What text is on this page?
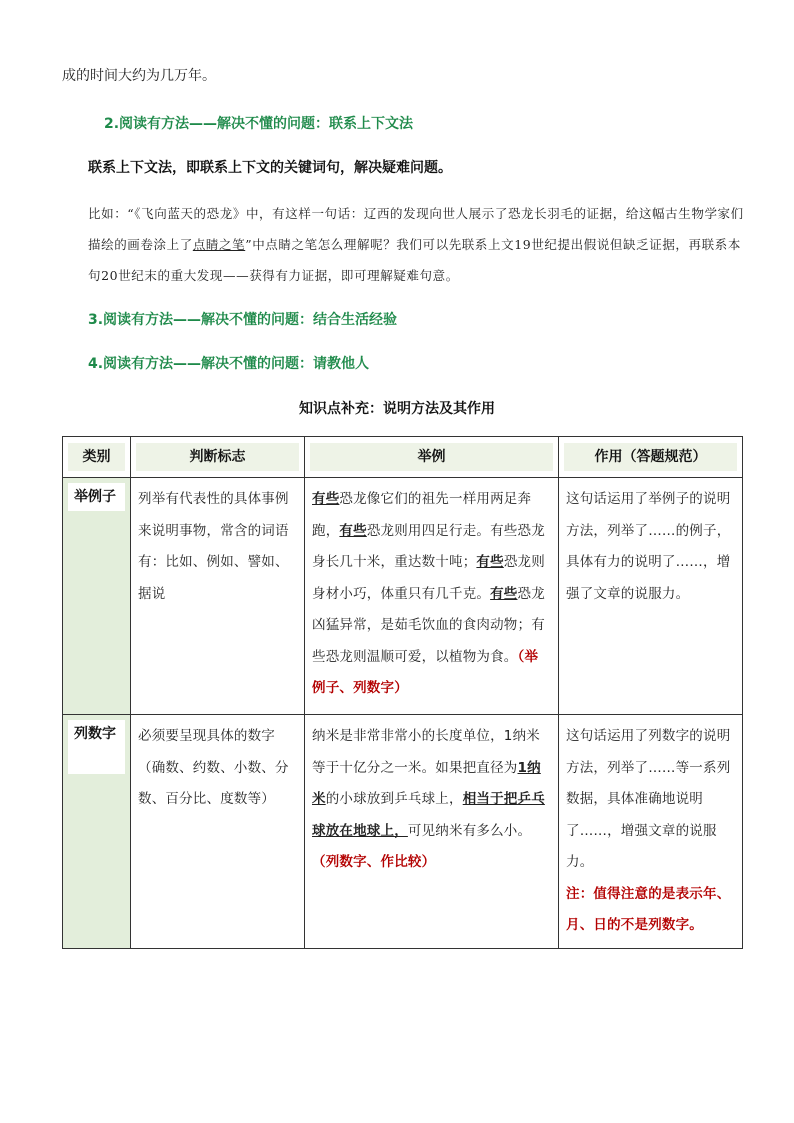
成的时间大约为几万年。
2.阅读有方法——解决不懂的问题：联系上下文法
联系上下文法，即联系上下文的关键词句，解决疑难问题。
比如：“《飞向蓝天的恐龙》中，有这样一句话：辽西的发现向世人展示了恐龙长羽毛的证据，给这幅古生物学家们描绘的画卷涂上了点睛之笔”中点睛之笔怎么理解呢？我们可以先联系上文19世纪提出假说但缺乏证据，再联系本句20世纪末的重大发现——获得有力证据，即可理解疑难句意。
3.阅读有方法——解决不懂的问题：结合生活经验
4.阅读有方法——解决不懂的问题：请教他人
知识点补充：说明方法及其作用
类别	判断标志	举例	作用（答题规范）

举例子	列举有代表性的具体事例来说明事物，常含的词语有：比如、例如、譬如、据说	有些恐龙像它们的祖先一样用两足奔跑，有些恐龙则用四足行走。有些恐龙身长几十米，重达数十吨；有些恐龙则身材小巧，体重只有几千克。有些恐龙凶猛异常，是茹毛饮血的食肉动物；有些恐龙则温顺可爱，以植物为食。（举例子、列数字）	这句话运用了举例子的说明方法，列举了……的例子，具体有力的说明了……，增强了文章的说服力。

列数字	必须要呈现具体的数字（确数、约数、小数、分数、百分比、度数等）	纳米是非常非常小的长度单位，1纳米等于十亿分之一米。如果把直径为1纳米的小球放到乒乓球上，相当于把乒乓球放在地球上，可见纳米有多么小。（列数字、作比较）	这句话运用了列数字的说明方法，列举了……等一系列数据，具体准确地说明了……，增强文章的说服力。
注：值得注意的是表示年、月、日的不是列数字。
